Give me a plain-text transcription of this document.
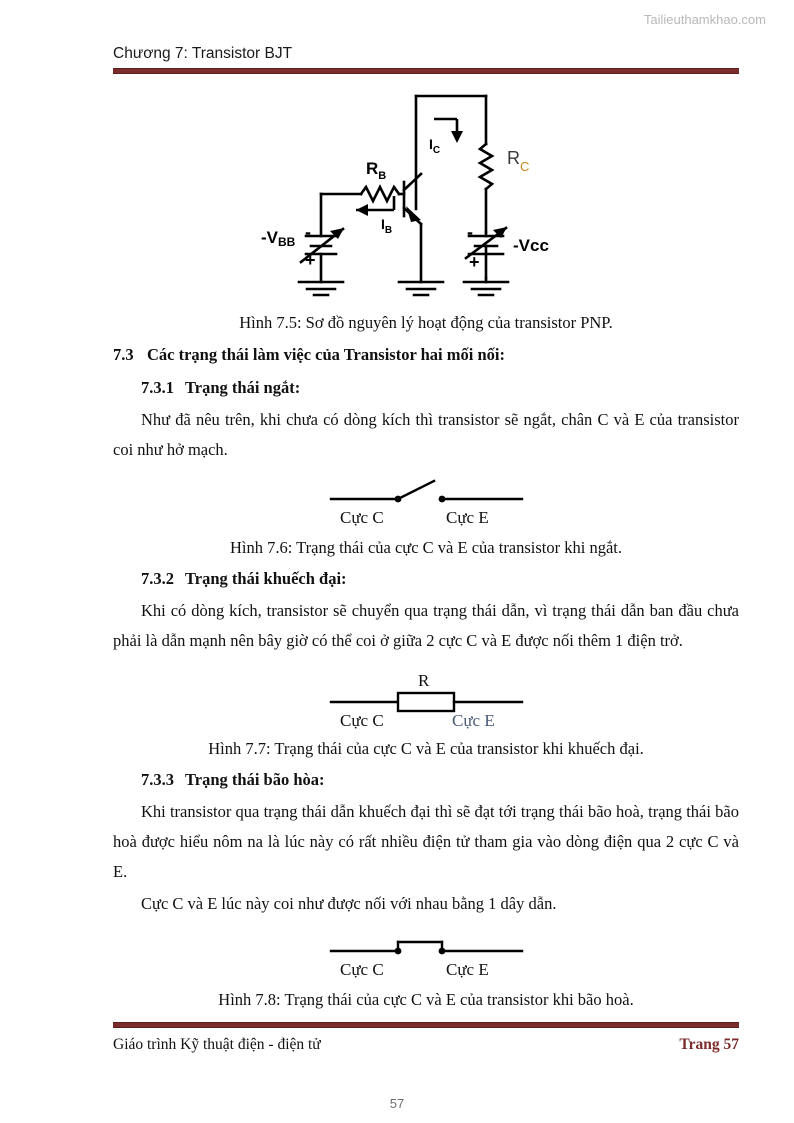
Tailieuthamkhao.com
Chương 7: Transistor BJT
$R_B$
$I_B$
$I_C$	$R_C$
-VBB	-Vcc
-
+
-
+

Hình 7.5: Sơ đồ nguyên lý hoạt động của transistor PNP.

7.3 Các trạng thái làm việc của Transistor hai mối nối:

7.3.1 Trạng thái ngắt:

Như đã nêu trên, khi chưa có dòng kích thì transistor sẽ ngắt, chân C và E của transistor coi như hở mạch.

Cực C	Cực E

Hình 7.6: Trạng thái của cực C và E của transistor khi ngắt.

7.3.2 Trạng thái khuếch đại:

Khi có dòng kích, transistor sẽ chuyển qua trạng thái dẫn, vì trạng thái dẫn ban đầu chưa phải là dẫn mạnh nên bây giờ có thể coi ở giữa 2 cực C và E được nối thêm 1 điện trở.

R
Cực C	Cực E

Hình 7.7: Trạng thái của cực C và E của transistor khi khuếch đại.

7.3.3 Trạng thái bão hòa:

Khi transistor qua trạng thái dẫn khuếch đại thì sẽ đạt tới trạng thái bão hoà, trạng thái bão hoà được hiểu nôm na là lúc này có rất nhiều điện tử tham gia vào dòng điện qua 2 cực C và E.

Cực C và E lúc này coi như được nối với nhau bằng 1 dây dẫn.

Cực C	Cực E

Hình 7.8: Trạng thái của cực C và E của transistor khi bão hoà.

Giáo trình Kỹ thuật điện - điện tử	Trang 57
57
